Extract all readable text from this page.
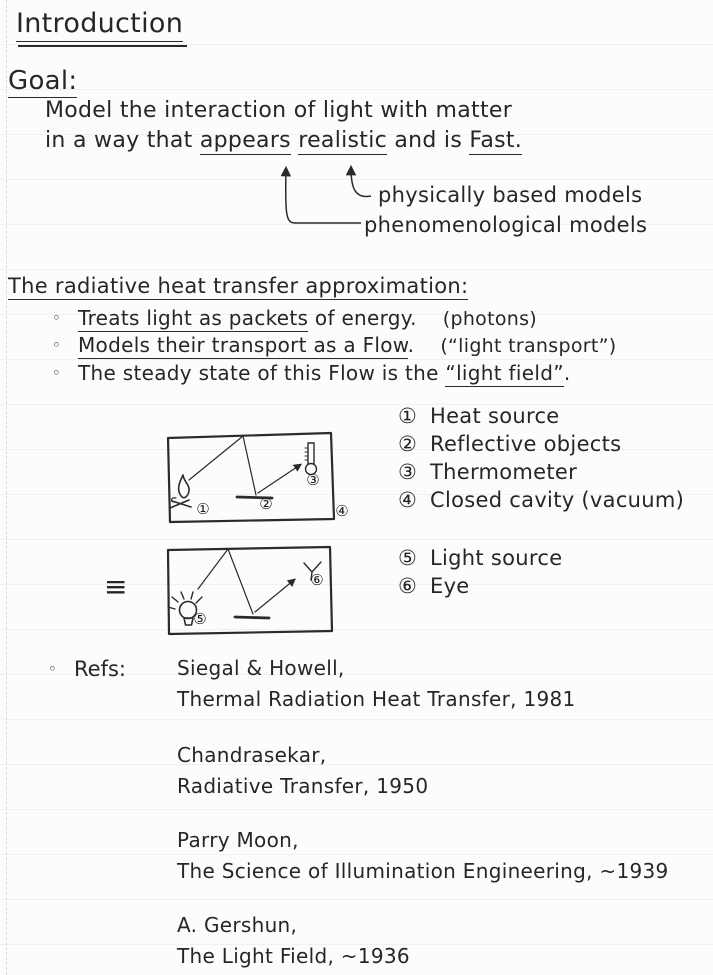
Introduction
Goal:
Model the interaction of light with matter
in a way that appears realistic and is Fast.
physically based models
phenomenological models
The radiative heat transfer approximation:
◦ Treats light as packets of energy. (photons)
◦ Models their transport as a Flow. (“light transport”)
◦ The steady state of this Flow is the “light field”.
①	②
③
④
⑤
⑥
≡
① Heat source
② Reflective objects
③ Thermometer
④ Closed cavity (vacuum)
⑤ Light source
⑥ Eye
◦ Refs:	Siegal & Howell,
Thermal Radiation Heat Transfer, 1981
Chandrasekar,
Radiative Transfer, 1950
Parry Moon,
The Science of Illumination Engineering, ~1939
A. Gershun,
The Light Field, ~1936
